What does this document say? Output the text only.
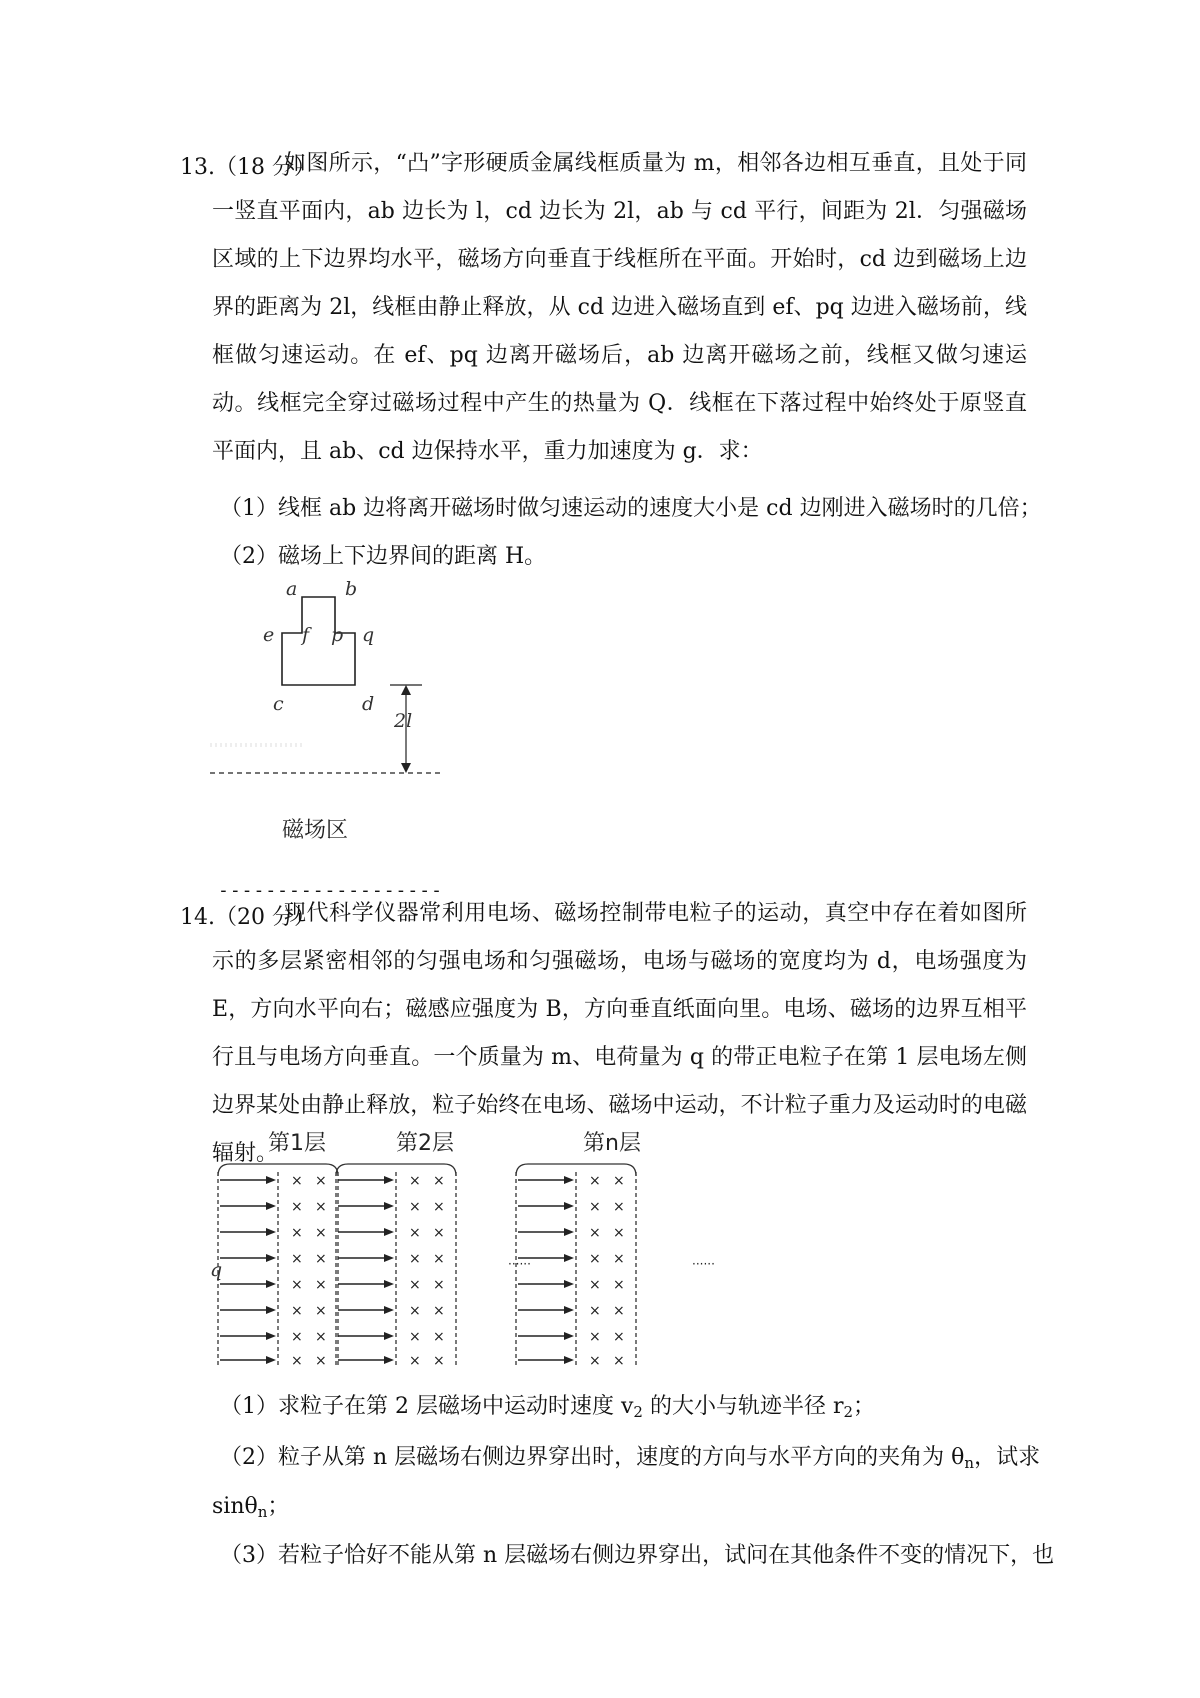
13.（18 分）
如图所示，“凸”字形硬质金属线框质量为 m，相邻各边相互垂直，且处于同一竖直平面内，ab 边长为 l，cd 边长为 2l，ab 与 cd 平行，间距为 2l．匀强磁场区域的上下边界均水平，磁场方向垂直于线框所在平面。开始时，cd 边到磁场上边界的距离为 2l，线框由静止释放，从 cd 边进入磁场直到 ef、pq 边进入磁场前，线框做匀速运动。在 ef、pq 边离开磁场后，ab 边离开磁场之前，线框又做匀速运动。线框完全穿过磁场过程中产生的热量为 Q．线框在下落过程中始终处于原竖直平面内，且 ab、cd 边保持水平，重力加速度为 g．求：
（1）线框 ab 边将离开磁场时做匀速运动的速度大小是 cd 边刚进入磁场时的几倍；
（2）磁场上下边界间的距离 H。
a	b
e f p q
c	d
2l
磁场区
-------------------
14.（20 分）
现代科学仪器常利用电场、磁场控制带电粒子的运动，真空中存在着如图所示的多层紧密相邻的匀强电场和匀强磁场，电场与磁场的宽度均为 d，电场强度为 E，方向水平向右；磁感应强度为 B，方向垂直纸面向里。电场、磁场的边界互相平行且与电场方向垂直。一个质量为 m、电荷量为 q 的带正电粒子在第 1 层电场左侧边界某处由静止释放，粒子始终在电场、磁场中运动，不计粒子重力及运动时的电磁辐射。
第1层	第2层	第n层
q	······	······
× ×
× ×
× ×
× ×
× ×
× ×
× ×
× ×
× ×
× ×
× ×
× ×
× ×
× ×
× ×
× ×
× ×
× ×
× ×
× ×
× ×
× ×
× ×
× ×
（1）求粒子在第 2 层磁场中运动时速度 $v_2$ 的大小与轨迹半径 $r_2$；
（2）粒子从第 n 层磁场右侧边界穿出时，速度的方向与水平方向的夹角为 $\theta_n$，试求
sinθ$_n$；
（3）若粒子恰好不能从第 n 层磁场右侧边界穿出，试问在其他条件不变的情况下，也
